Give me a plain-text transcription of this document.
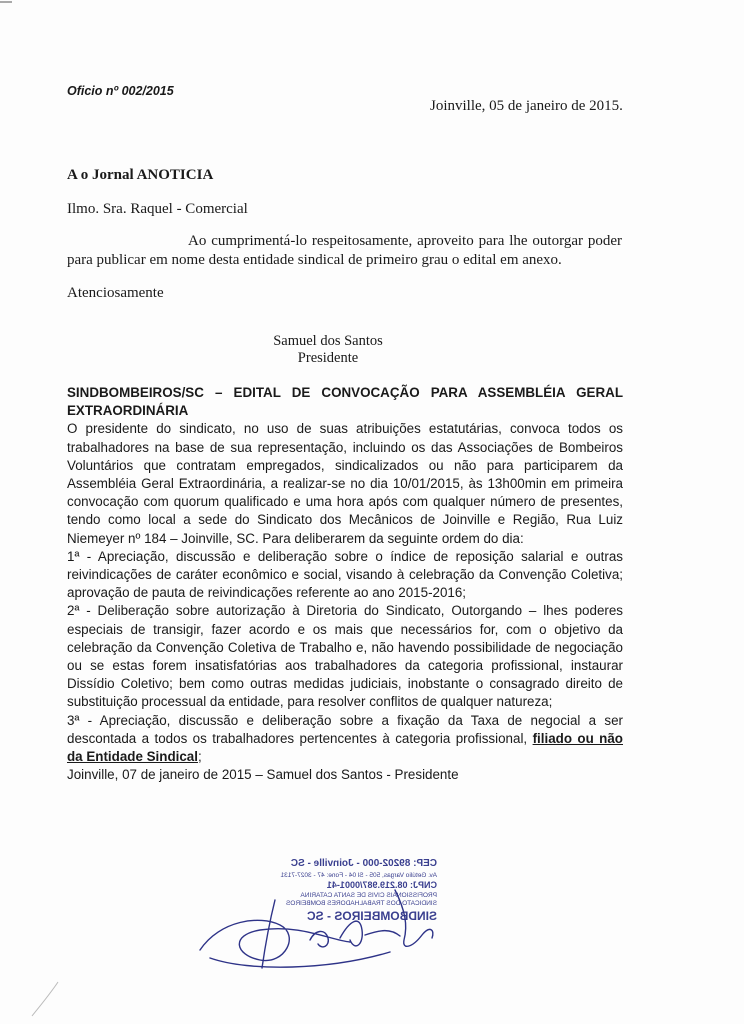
Oficio nº 002/2015
Joinville, 05 de janeiro de 2015.
A o Jornal ANOTICIA
Ilmo. Sra. Raquel - Comercial
Ao cumprimentá-lo respeitosamente, aproveito para lhe outorgar poder para publicar em nome desta entidade sindical de primeiro grau o edital em anexo.
Atenciosamente
Samuel dos Santos
Presidente

SINDBOMBEIROS/SC – EDITAL DE CONVOCAÇÃO PARA ASSEMBLÉIA GERAL EXTRAORDINÁRIA

O presidente do sindicato, no uso de suas atribuições estatutárias, convoca todos os trabalhadores na base de sua representação, incluindo os das Associações de Bombeiros Voluntários que contratam empregados, sindicalizados ou não para participarem da Assembléia Geral Extraordinária, a realizar-se no dia 10/01/2015, às 13h00min em primeira convocação com quorum qualificado e uma hora após com qualquer número de presentes, tendo como local a sede do Sindicato dos Mecânicos de Joinville e Região, Rua Luiz Niemeyer nº 184 – Joinville, SC. Para deliberarem da seguinte ordem do dia:

1ª - Apreciação, discussão e deliberação sobre o índice de reposição salarial e outras reivindicações de caráter econômico e social, visando à celebração da Convenção Coletiva; aprovação de pauta de reivindicações referente ao ano 2015-2016;

2ª - Deliberação sobre autorização à Diretoria do Sindicato, Outorgando – lhes poderes especiais de transigir, fazer acordo e os mais que necessários for, com o objetivo da celebração da Convenção Coletiva de Trabalho e, não havendo possibilidade de negociação ou se estas forem insatisfatórias aos trabalhadores da categoria profissional, instaurar Dissídio Coletivo; bem como outras medidas judiciais, inobstante o consagrado direito de substituição processual da entidade, para resolver conflitos de qualquer natureza;

3ª - Apreciação, discussão e deliberação sobre a fixação da Taxa de negocial a ser descontada a todos os trabalhadores pertencentes à categoria profissional, filiado ou não da Entidade Sindical;

Joinville, 07 de janeiro de 2015 – Samuel dos Santos - Presidente

CEP: 89202-000 - Joinville - SC
Av. Getúlio Vargas, 505 - Sl 04 - Fone: 47 - 3027-7131
CNPJ: 08.219.987/0001-41
PROFISSIONAIS CIVIS DE SANTA CATARINA
SINDICATO DOS TRABALHADORES BOMBEIROS
SINDBOMBEIROS - SC
